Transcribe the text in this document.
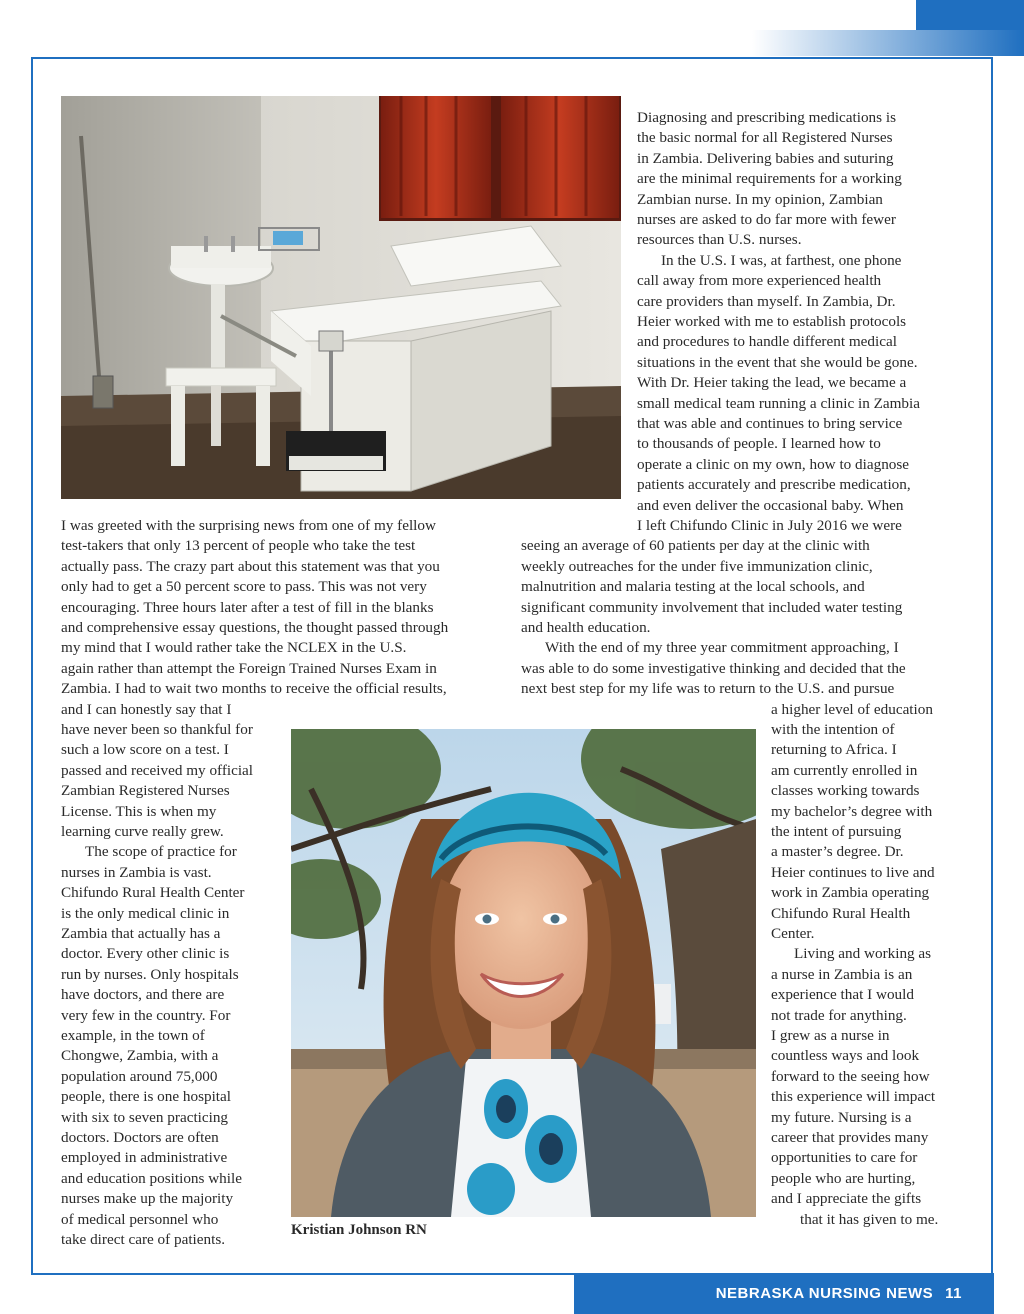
Diagnosing and prescribing medications is
the basic normal for all Registered Nurses
in Zambia. Delivering babies and suturing
are the minimal requirements for a working
Zambian nurse. In my opinion, Zambian
nurses are asked to do far more with fewer
resources than U.S. nurses.
In the U.S. I was, at farthest, one phone
call away from more experienced health
care providers than myself. In Zambia, Dr.
Heier worked with me to establish protocols
and procedures to handle different medical
situations in the event that she would be gone.
With Dr. Heier taking the lead, we became a
small medical team running a clinic in Zambia
that was able and continues to bring service
to thousands of people. I learned how to
operate a clinic on my own, how to diagnose
patients accurately and prescribe medication,
and even deliver the occasional baby. When
I left Chifundo Clinic in July 2016 we were
I was greeted with the surprising news from one of my fellow
test-takers that only 13 percent of people who take the test
actually pass. The crazy part about this statement was that you
only had to get a 50 percent score to pass. This was not very
encouraging. Three hours later after a test of fill in the blanks
and comprehensive essay questions, the thought passed through
my mind that I would rather take the NCLEX in the U.S.
again rather than attempt the Foreign Trained Nurses Exam in
Zambia. I had to wait two months to receive the official results,
seeing an average of 60 patients per day at the clinic with
weekly outreaches for the under five immunization clinic,
malnutrition and malaria testing at the local schools, and
significant community involvement that included water testing
and health education.
With the end of my three year commitment approaching, I
was able to do some investigative thinking and decided that the
next best step for my life was to return to the U.S. and pursue
and I can honestly say that I
have never been so thankful for
such a low score on a test. I
passed and received my official
Zambian Registered Nurses
License. This is when my
learning curve really grew.
The scope of practice for
nurses in Zambia is vast.
Chifundo Rural Health Center
is the only medical clinic in
Zambia that actually has a
doctor. Every other clinic is
run by nurses. Only hospitals
have doctors, and there are
very few in the country. For
example, in the town of
Chongwe, Zambia, with a
population around 75,000
people, there is one hospital
with six to seven practicing
doctors. Doctors are often
employed in administrative
and education positions while
nurses make up the majority
of medical personnel who
take direct care of patients.
Kristian Johnson RN
a higher level of education
with the intention of
returning to Africa. I
am currently enrolled in
classes working towards
my bachelor’s degree with
the intent of pursuing
a master’s degree. Dr.
Heier continues to live and
work in Zambia operating
Chifundo Rural Health
Center.
Living and working as
a nurse in Zambia is an
experience that I would
not trade for anything.
I grew as a nurse in
countless ways and look
forward to the seeing how
this experience will impact
my future. Nursing is a
career that provides many
opportunities to care for
people who are hurting,
and I appreciate the gifts
that it has given to me.
NEBRASKA NURSING NEWS 11
